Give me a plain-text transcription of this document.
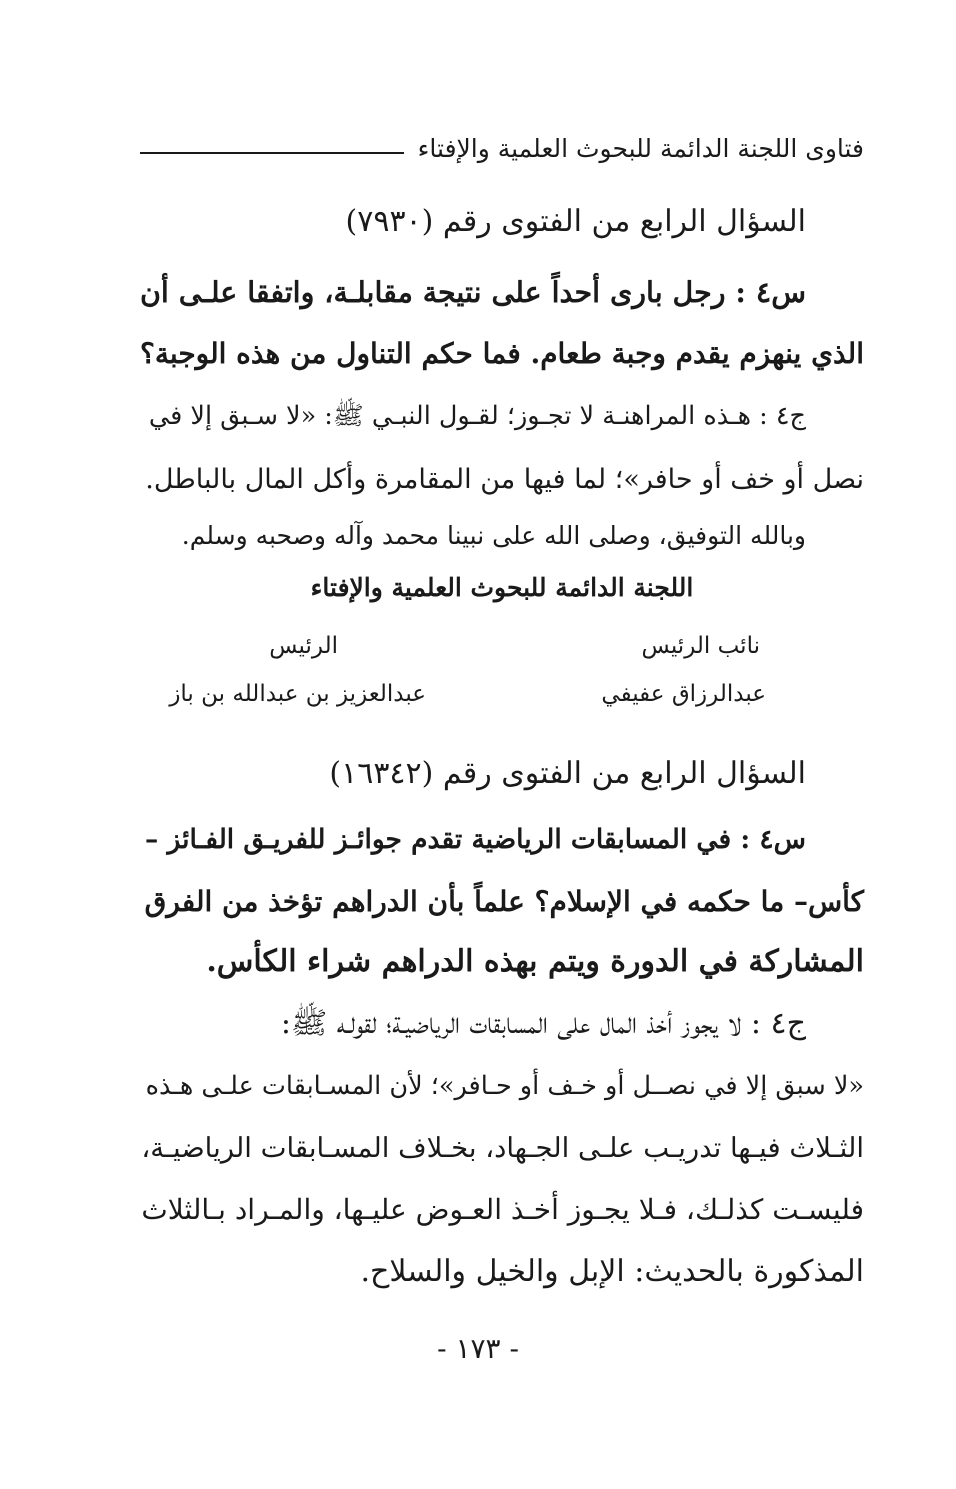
فتاوى اللجنة الدائمة للبحوث العلمية والإفتاء
السؤال الرابع من الفتوى رقم (٧٩٣٠)
س٤ : رجل بارى أحداً على نتيجة مقابلـة، واتفقا علـى أن
الذي ينهزم يقدم وجبة طعام. فما حكم التناول من هذه الوجبة؟
ج٤ : هـذه المراهنـة لا تجـوز؛ لقـول النبـي ﷺ: «لا سـبق إلا في
نصل أو خف أو حافر»؛ لما فيها من المقامرة وأكل المال بالباطل.
وبالله التوفيق، وصلى الله على نبينا محمد وآله وصحبه وسلم.
اللجنة الدائمة للبحوث العلمية والإفتاء
نائب الرئيس
الرئيس
عبدالرزاق عفيفي
عبدالعزيز بن عبدالله بن باز
السؤال الرابع من الفتوى رقم (١٦٣٤٢)
س٤ : في المسابقات الرياضية تقدم جوائـز للفريـق الفـائز –
كأس– ما حكمه في الإسلام؟ علماً بأن الدراهم تؤخذ من الفرق
المشاركة في الدورة ويتم بهذه الدراهم شراء الكأس.
ج٤ : لا يجوز أخذ المال على المسابقات الرياضيـة؛ لقولـه ﷺ:
«لا سبق إلا في نصــل أو خـف أو حـافر»؛ لأن المسـابقات علـى هـذه
الثـلاث فيـها تدريـب علـى الجـهاد، بخـلاف المسـابقات الرياضيـة،
فليسـت كذلـك، فـلا يجـوز أخـذ العـوض عليـها، والمـراد بـالثلاث
المذكورة بالحديث: الإبل والخيل والسلاح.
- ١٧٣ -
